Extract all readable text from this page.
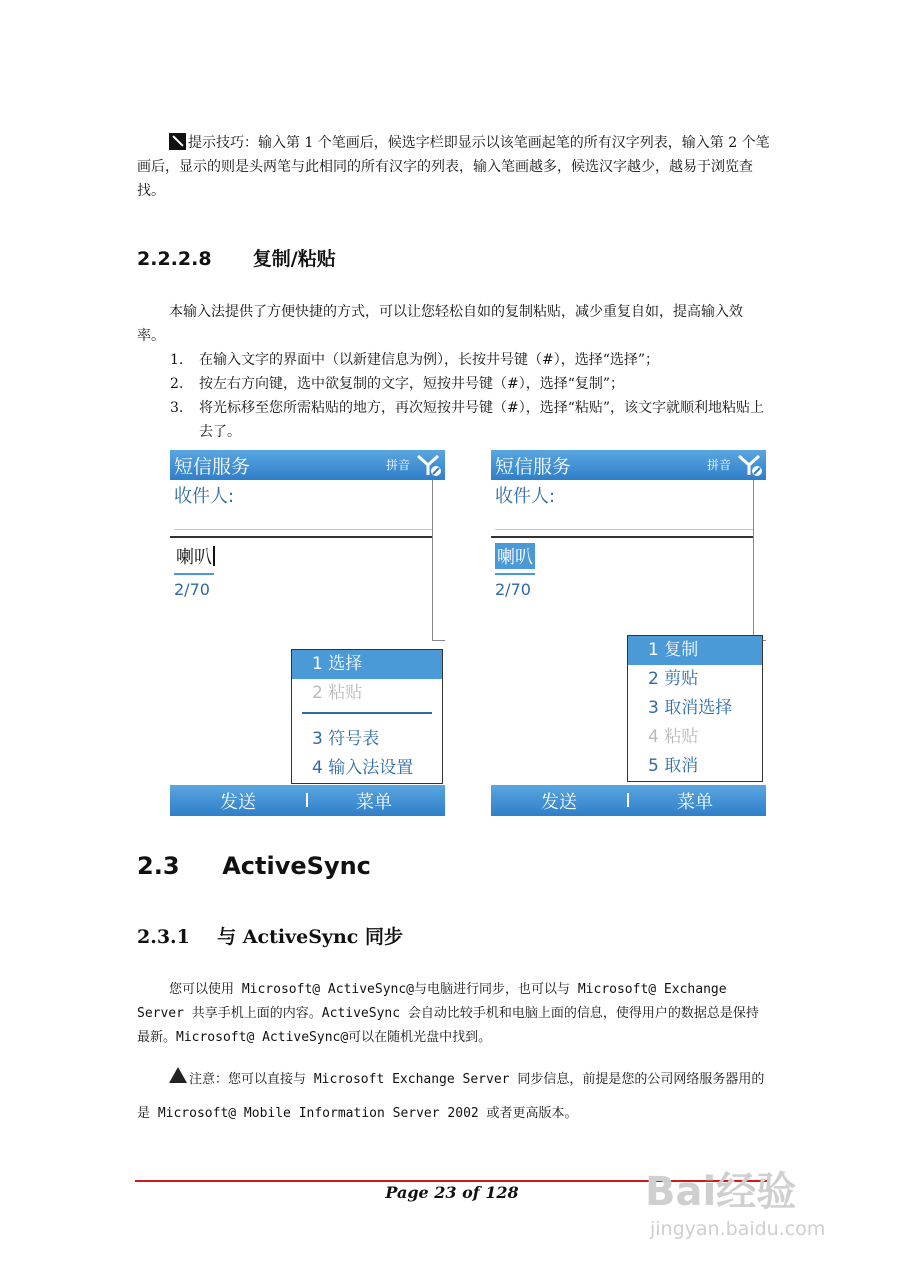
提示技巧：输入第 1 个笔画后，候选字栏即显示以该笔画起笔的所有汉字列表，输入第 2 个笔画后，显示的则是头两笔与此相同的所有汉字的列表，输入笔画越多，候选汉字越少，越易于浏览查找。
2.2.2.8 复制/粘贴
本输入法提供了方便快捷的方式，可以让您轻松自如的复制粘贴，减少重复自如，提高输入效率。
1. 在输入文字的界面中（以新建信息为例），长按井号键（#），选择“选择”；
2. 按左右方向键，选中欲复制的文字，短按井号键（#），选择“复制”；
3. 将光标移至您所需粘贴的地方，再次短按井号键（#），选择“粘贴”，该文字就顺利地粘贴上去了。
短信服务	拼音
收件人:
喇叭
2/70
1 选择
2 粘贴
3 符号表
4 输入法设置
发送	菜单
短信服务	拼音
收件人:
喇叭
2/70
1 复制
2 剪贴
3 取消选择
4 粘贴
5 取消
发送	菜单
2.3 ActiveSync
2.3.1 与 ActiveSync 同步
您可以使用 Microsoft@ ActiveSync@与电脑进行同步，也可以与 Microsoft@ Exchange Server 共享手机上面的内容。ActiveSync 会自动比较手机和电脑上面的信息，使得用户的数据总是保持最新。Microsoft@ ActiveSync@可以在随机光盘中找到。
!注意：您可以直接与 Microsoft Exchange Server 同步信息，前提是您的公司网络服务器用的是 Microsoft@ Mobile Information Server 2002 或者更高版本。
Page 23 of 128	Bai经验
jingyan.baidu.com
